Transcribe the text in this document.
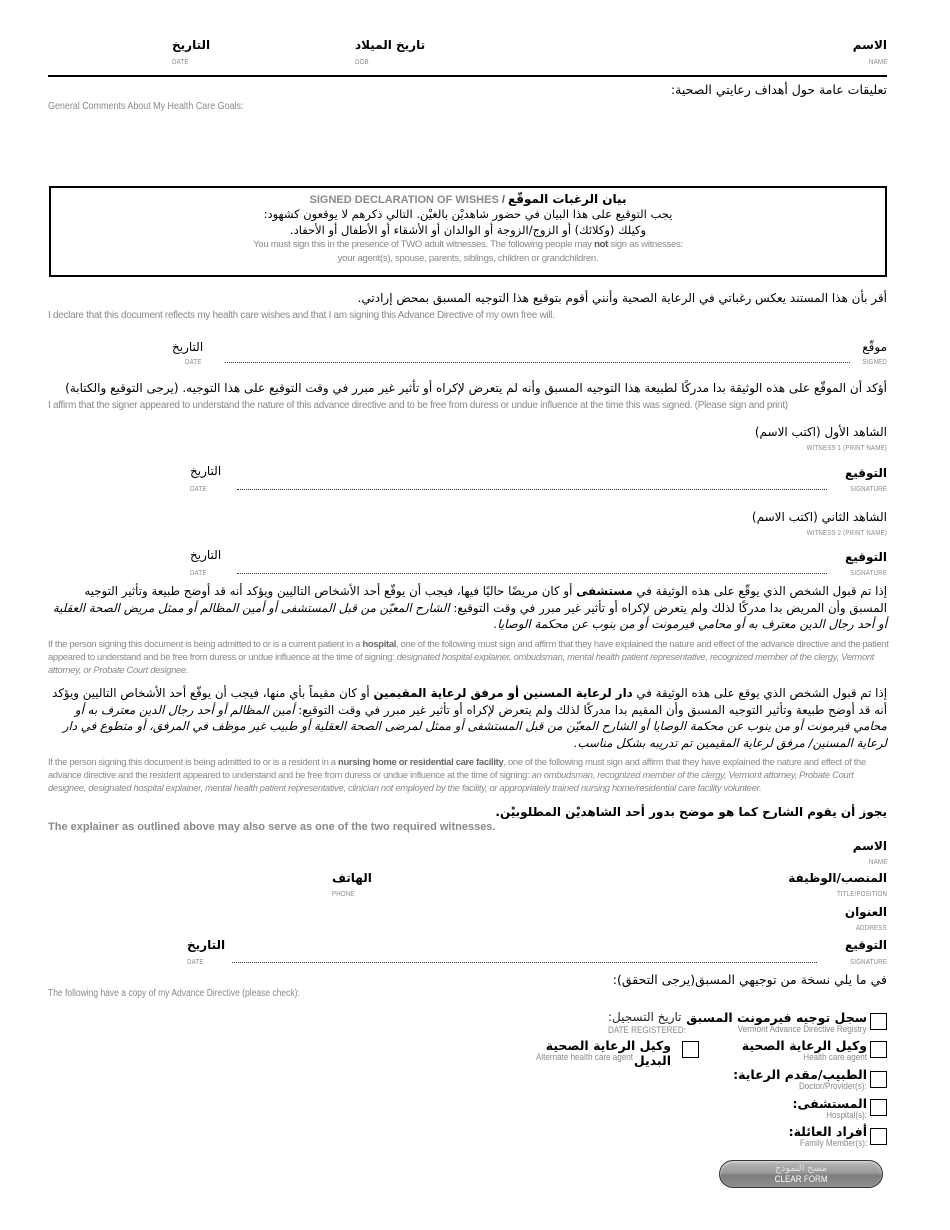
الاسم
NAME
تاريخ الميلاد
DOB
التاريخ
DATE
تعليقات عامة حول أهداف رعايتي الصحية:
General Comments About My Health Care Goals:
SIGNED DECLARATION OF WISHES / بيان الرغبات الموقّع
يجب التوقيع على هذا البيان في حضور شاهديْن بالغيْن. التالي ذكرهم لا يوقعون كشهود:
وكيلك (وكلائك) أو الزوج/الزوجة أو الوالدان أو الأشقاء أو الأطفال أو الأحفاد.
You must sign this in the presence of TWO adult witnesses. The following people may not sign as witnesses:
your agent(s), spouse, parents, siblings, children or grandchildren.
أقر بأن هذا المستند يعكس رغباتي في الرعاية الصحية وأنني أقوم بتوقيع هذا التوجيه المسبق بمحض إرادتي.
I declare that this document reflects my health care wishes and that I am signing this Advance Directive of my own free will.
موقّع
SIGNED
التاريخ
DATE
أؤكد أن الموقّع على هذه الوثيقة بدا مدركًا لطبيعة هذا التوجيه المسبق وأنه لم يتعرض لإكراه أو تأثير غير مبرر في وقت التوقيع على هذا التوجيه. (يرجى التوقيع والكتابة)
I affirm that the signer appeared to understand the nature of this advance directive and to be free from duress or undue influence at the time this was signed. (Please sign and print)
الشاهد الأول (اكتب الاسم)
WITNESS 1 (PRINT NAME)
التوقيع
SIGNATURE
التاريخ
DATE
الشاهد الثاني (اكتب الاسم)
WITNESS 2 (PRINT NAME)
التوقيع
SIGNATURE
التاريخ
DATE
إذا تم قبول الشخص الذي يوقّع على هذه الوثيقة في مستشفى أو كان مريضًا حاليًا فيها، فيجب أن يوقّع أحد الأشخاص التاليين ويؤكد أنه قد أوضح طبيعة وتأثير التوجيه المسبق وأن المريض بدا مدركًا لذلك ولم يتعرض لإكراه أو تأثير غير مبرر في وقت التوقيع: الشارح المعيّن من قبل المستشفى أو أمين المظالم أو ممثل مريض الصحة العقلية أو أحد رجال الدين معترف به أو محامي فيرمونت أو من ينوب عن محكمة الوصايا.
If the person signing this document is being admitted to or is a current patient in a hospital, one of the following must sign and affirm that they have explained the nature and effect of the advance directive and the patient appeared to understand and be free from duress or undue influence at the time of signing: designated hospital explainer, ombudsman, mental health patient representative, recognized member of the clergy, Vermont attorney, or Probate Court designee.
إذا تم قبول الشخص الذي يوقع على هذه الوثيقة في دار لرعاية المسنين أو مرفق لرعاية المقيمين أو كان مقيماً بأي منها، فيجب أن يوقّع أحد الأشخاص التاليين ويؤكد أنه قد أوضح طبيعة وتأثير التوجيه المسبق وأن المقيم بدا مدركًا لذلك ولم يتعرض لإكراه أو تأثير غير مبرر في وقت التوقيع: أمين المظالم أو أحد رجال الدين معترف به أو محامي فيرمونت أو من ينوب عن محكمة الوصايا أو الشارح المعيّن من قبل المستشفى أو ممثل لمرضى الصحة العقلية أو طبيب غير موظف في المرفق، أو متطوع في دار لرعاية المسنين/ مرفق لرعاية المقيمين تم تدريبه بشكل مناسب.
If the person signing this document is being admitted to or is a resident in a nursing home or residential care facility, one of the following must sign and affirm that they have explained the nature and effect of the advance directive and the resident appeared to understand and be free from duress or undue influence at the time of signing: an ombudsman, recognized member of the clergy, Vermont attorney, Probate Court designee, designated hospital explainer, mental health patient representative, clinician not employed by the facility, or appropriately trained nursing home/residential care facility volunteer.
يجوز أن يقوم الشارح كما هو موضح بدور أحد الشاهديْن المطلوبيْن.
The explainer as outlined above may also serve as one of the two required witnesses.
الاسم
NAME
المنصب/الوظيفة
TITLE/POSITION
الهاتف
PHONE
العنوان
ADDRESS
التوقيع
SIGNATURE
التاريخ
DATE
في ما يلي نسخة من توجيهي المسبق(يرجى التحقق):
The following have a copy of my Advance Directive (please check):
سجل توجيه فيرمونت المسبق
Vermont Advance Directive Registry
تاريخ التسجيل:
DATE REGISTERED:
وكيل الرعاية الصحية
Health care agent
وكيل الرعاية الصحية البديل
Alternate health care agent
الطبيب/مقدم الرعاية:
Doctor/Provider(s):
المستشفى:
Hospital(s):
أفراد العائلة:
Family Member(s):
مسح النموذج
CLEAR FORM
